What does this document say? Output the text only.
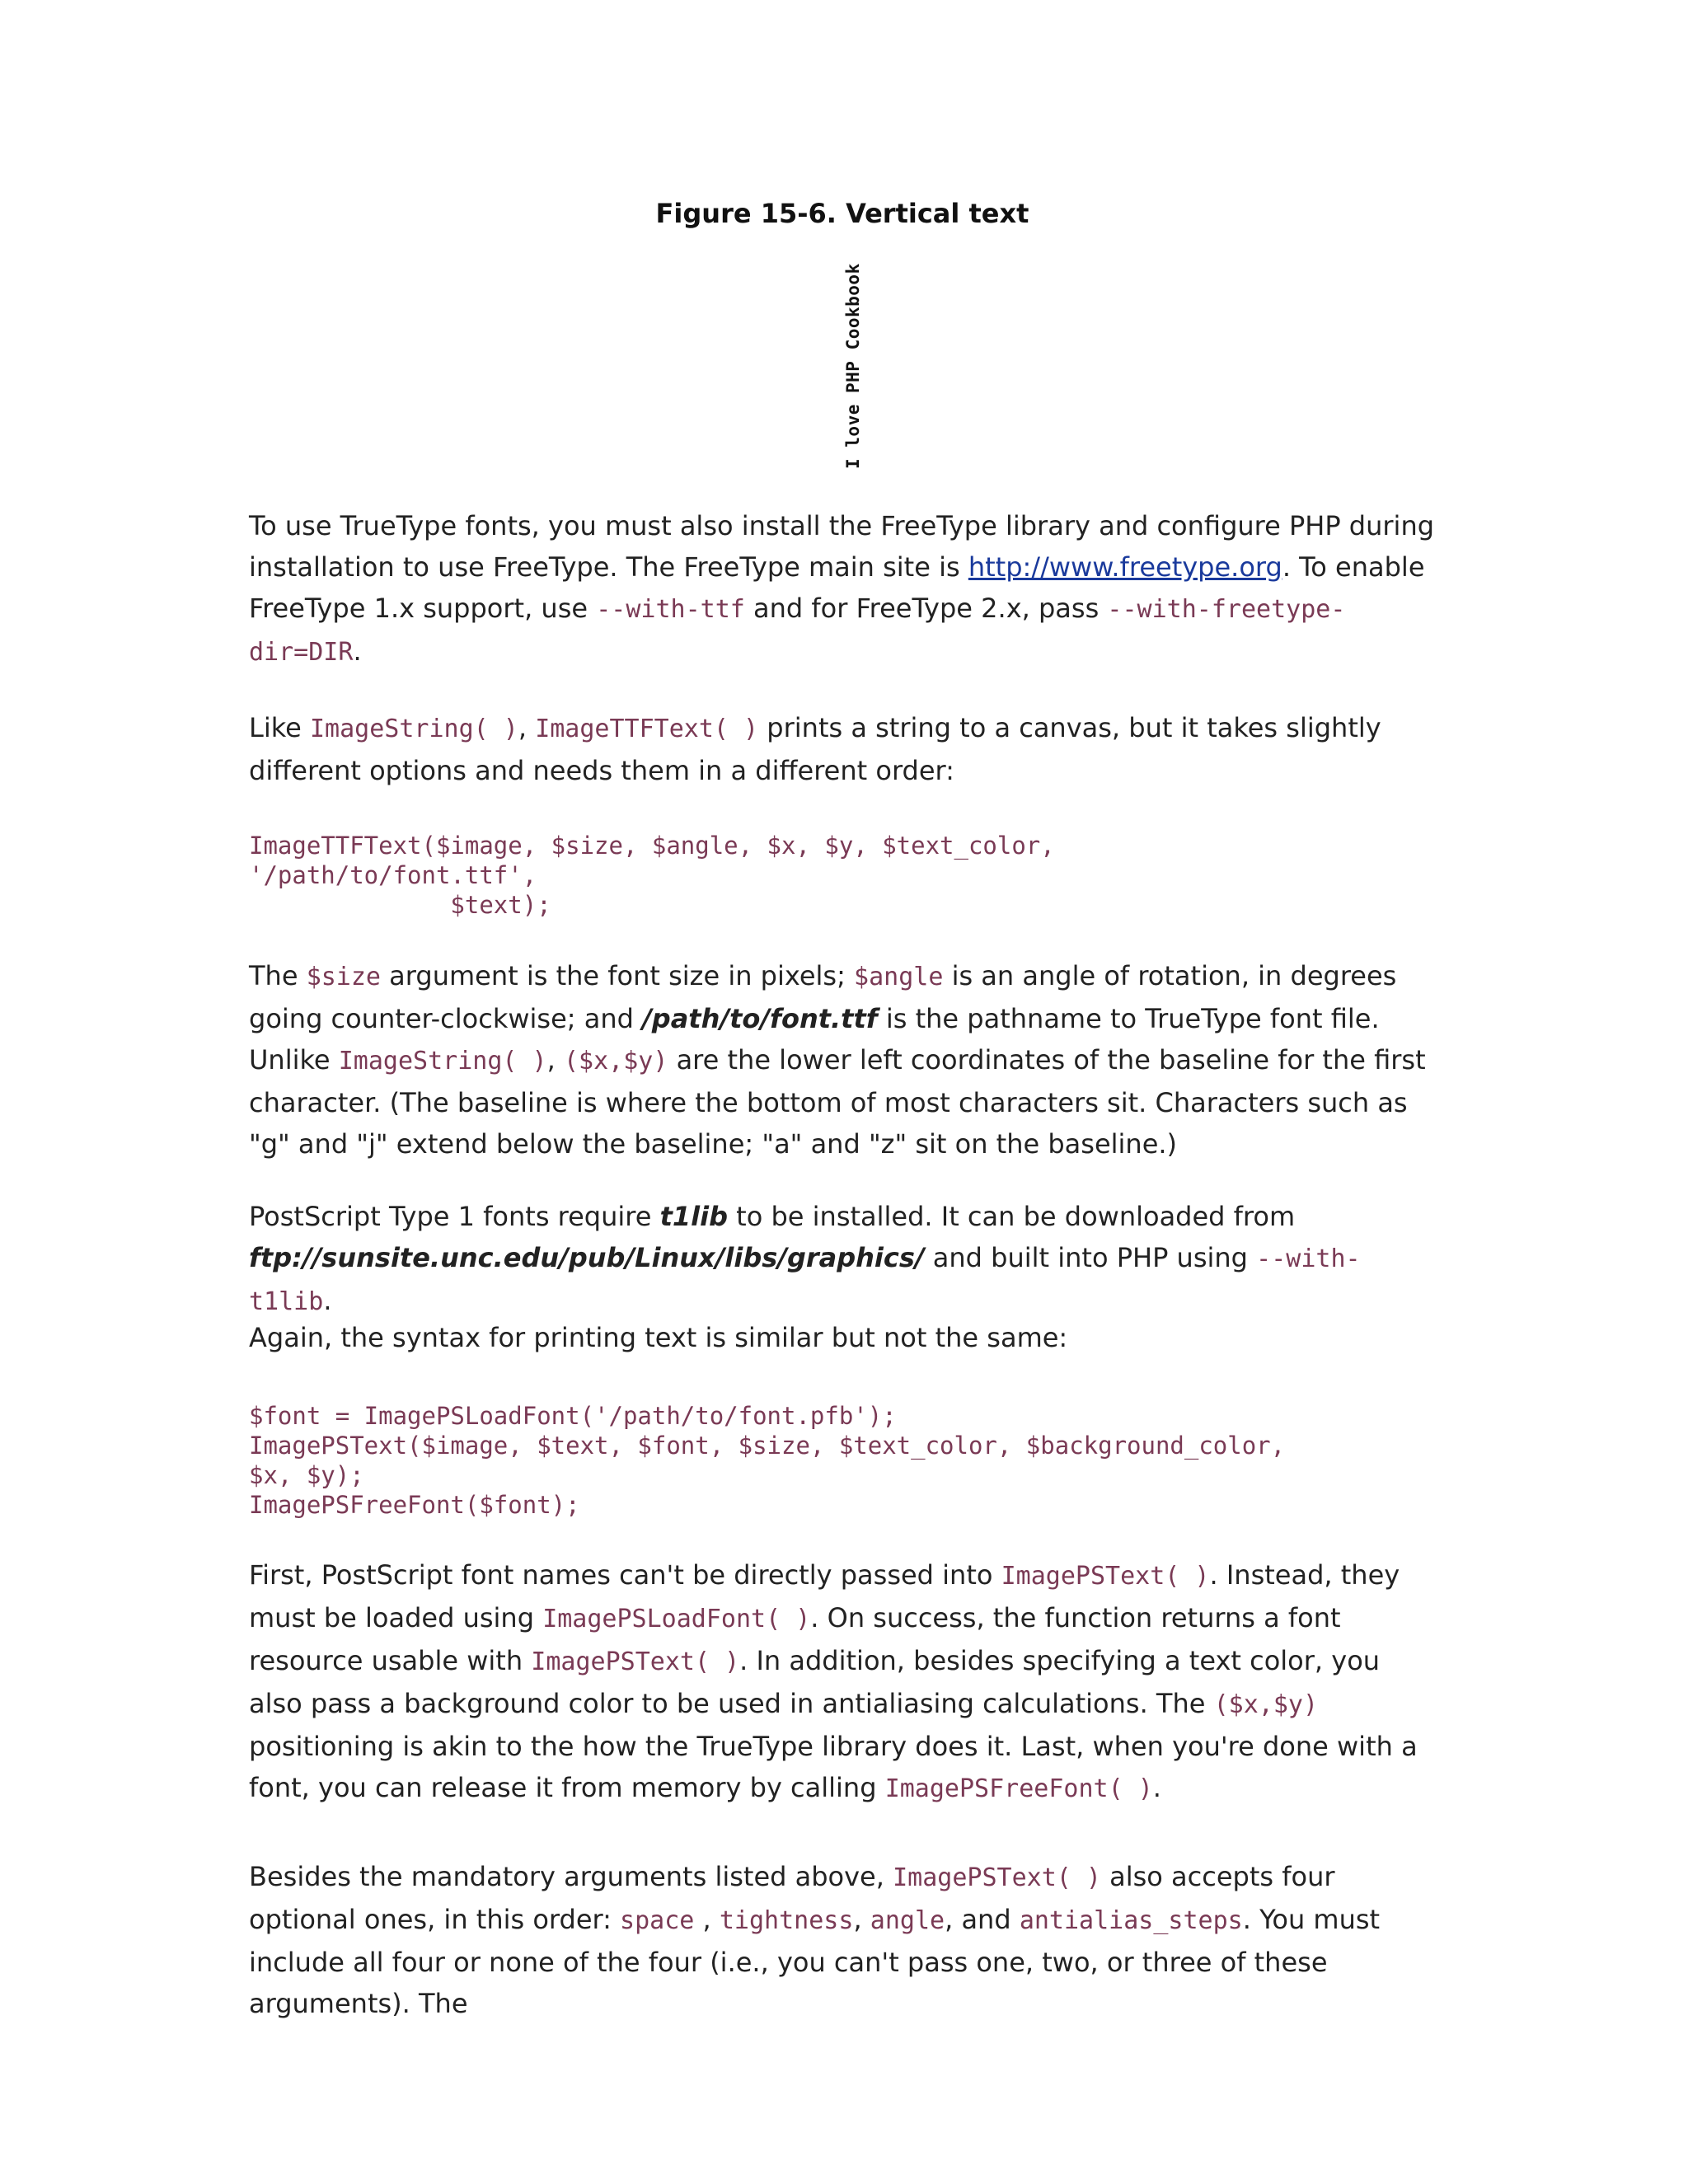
Figure 15-6. Vertical text
I love PHP Cookbook

To use TrueType fonts, you must also install the FreeType library and configure PHP during installation to use FreeType. The FreeType main site is http://www.freetype.org. To enable FreeType 1.x support, use --with-ttf and for FreeType 2.x, pass --with-freetype-dir=DIR.

Like ImageString( ), ImageTTFText( ) prints a string to a canvas, but it takes slightly different options and needs them in a different order:

ImageTTFText($image, $size, $angle, $x, $y, $text_color,
'/path/to/font.ttf',
$text);

The $size argument is the font size in pixels; $angle is an angle of rotation, in degrees going counter-clockwise; and /path/to/font.ttf is the pathname to TrueType font file. Unlike ImageString( ), ($x,$y) are the lower left coordinates of the baseline for the first character. (The baseline is where the bottom of most characters sit. Characters such as "g" and "j" extend below the baseline; "a" and "z" sit on the baseline.)

PostScript Type 1 fonts require t1lib to be installed. It can be downloaded from ftp://sunsite.unc.edu/pub/Linux/libs/graphics/ and built into PHP using --with-t1lib.

Again, the syntax for printing text is similar but not the same:

$font = ImagePSLoadFont('/path/to/font.pfb');
ImagePSText($image, $text, $font, $size, $text_color, $background_color,
$x, $y);
ImagePSFreeFont($font);

First, PostScript font names can't be directly passed into ImagePSText( ). Instead, they must be loaded using ImagePSLoadFont( ). On success, the function returns a font resource usable with ImagePSText( ). In addition, besides specifying a text color, you also pass a background color to be used in antialiasing calculations. The ($x,$y) positioning is akin to the how the TrueType library does it. Last, when you're done with a font, you can release it from memory by calling ImagePSFreeFont( ).

Besides the mandatory arguments listed above, ImagePSText( ) also accepts four optional ones, in this order: space , tightness, angle, and antialias_steps. You must include all four or none of the four (i.e., you can't pass one, two, or three of these arguments). The
